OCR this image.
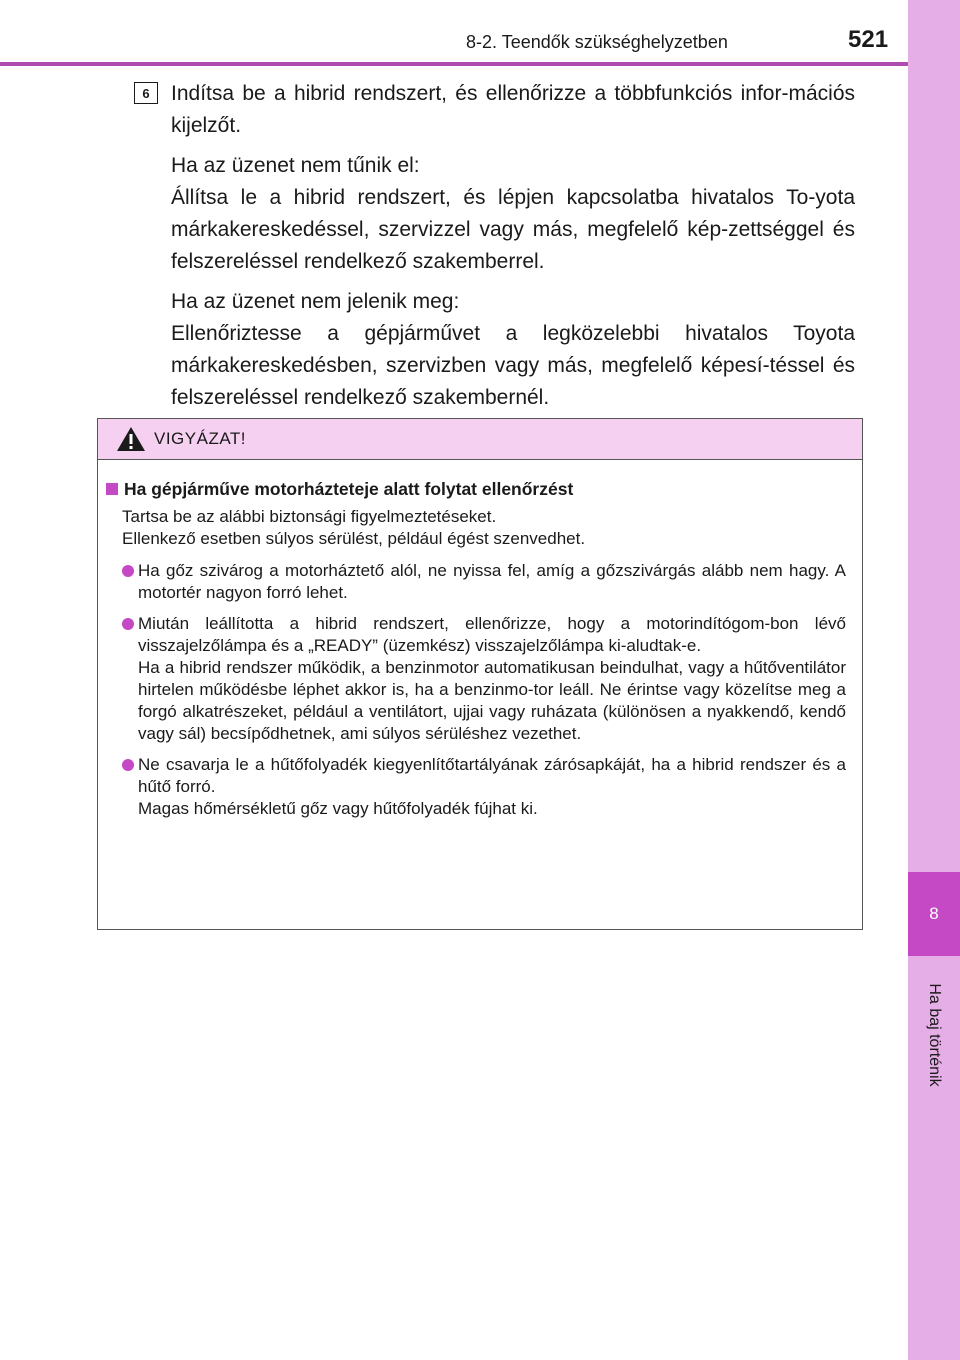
8
Ha baj történik
8-2. Teendők szükséghelyzetben	521
6	Indítsa be a hibrid rendszert, és ellenőrizze a többfunkciós infor-mációs kijelzőt.

Ha az üzenet nem tűnik el:

Állítsa le a hibrid rendszert, és lépjen kapcsolatba hivatalos To-yota márkakereskedéssel, szervizzel vagy más, megfelelő kép-zettséggel és felszereléssel rendelkező szakemberrel.

Ha az üzenet nem jelenik meg:

Ellenőriztesse a gépjárművet a legközelebbi hivatalos Toyota márkakereskedésben, szervizben vagy más, megfelelő képesí-téssel és felszereléssel rendelkező szakembernél.

VIGYÁZAT!
Ha gépjárműve motorházteteje alatt folytat ellenőrzést
Tartsa be az alábbi biztonsági figyelmeztetéseket.
Ellenkező esetben súlyos sérülést, például égést szenvedhet.
Ha gőz szivárog a motorháztető alól, ne nyissa fel, amíg a gőzszivárgás alább nem hagy. A motortér nagyon forró lehet.
Miután leállította a hibrid rendszert, ellenőrizze, hogy a motorindítógom-bon lévő visszajelzőlámpa és a „READY” (üzemkész) visszajelzőlámpa ki-aludtak-e.
Ha a hibrid rendszer működik, a benzinmotor automatikusan beindulhat, vagy a hűtőventilátor hirtelen működésbe léphet akkor is, ha a benzinmo-tor leáll. Ne érintse vagy közelítse meg a forgó alkatrészeket, például a ventilátort, ujjai vagy ruházata (különösen a nyakkendő, kendő vagy sál) becsípődhetnek, ami súlyos sérüléshez vezethet.
Ne csavarja le a hűtőfolyadék kiegyenlítőtartályának zárósapkáját, ha a hibrid rendszer és a hűtő forró.
Magas hőmérsékletű gőz vagy hűtőfolyadék fújhat ki.
